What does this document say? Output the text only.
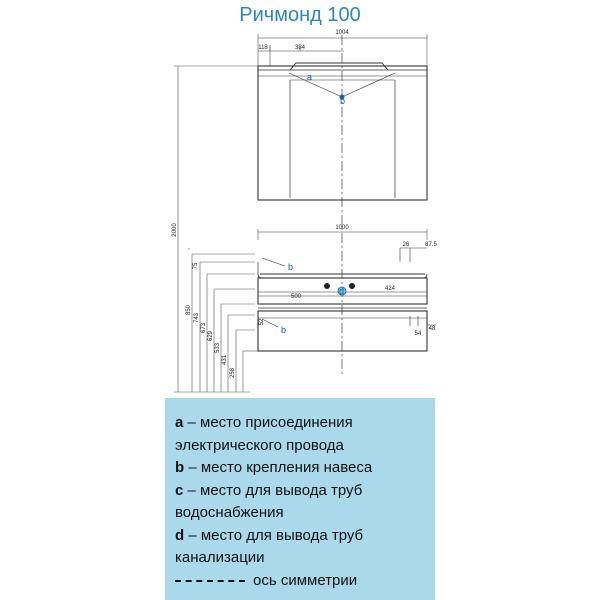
1004
118	384
a
b
2000
75
850
743
673
629
533
431
258
1000
26	87.5
500
424
52
54
48
b
d
b
Ричмонд 100
a – место присоединения
электрического провода
b – место крепления навеса
c – место для вывода труб
водоснабжения
d – место для вывода труб
канализации
ось симметрии
